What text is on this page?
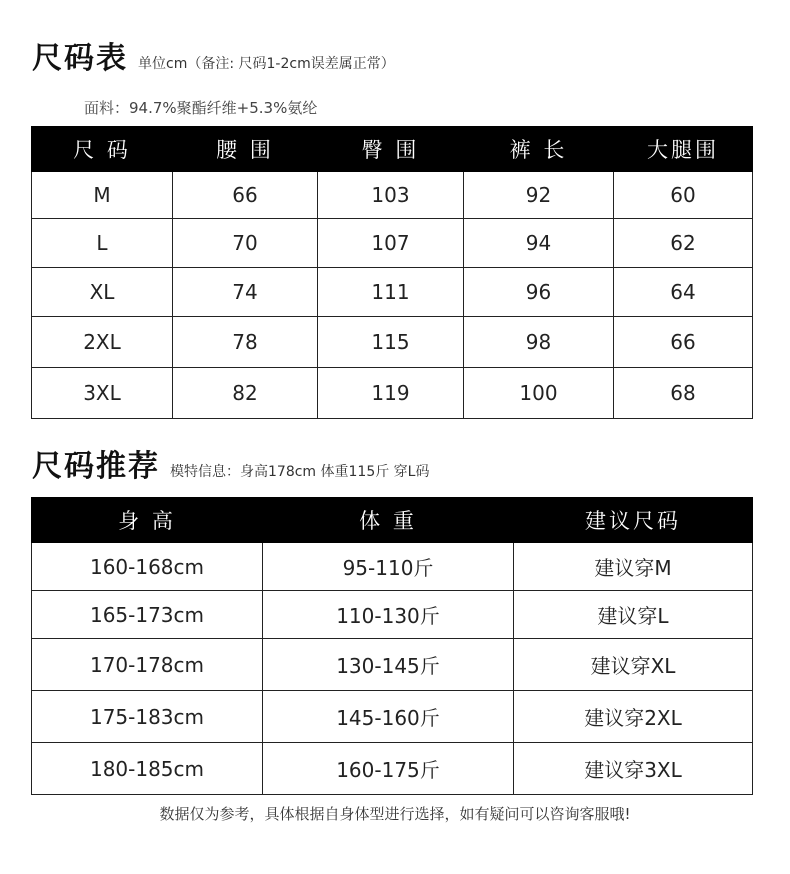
尺码表 单位cm（备注: 尺码1-2cm误差属正常）
面料：94.7%聚酯纤维+5.3%氨纶
尺 码	腰 围	臀 围	裤 长	大腿围
M	66	103	92	60
L	70	107	94	62
XL	74	111	96	64
2XL	78	115	98	66
3XL	82	119	100	68
尺码推荐 模特信息：身高178cm 体重115斤 穿L码
身 高	体 重	建议尺码
160-168cm	95-110斤	建议穿M
165-173cm	110-130斤	建议穿L
170-178cm	130-145斤	建议穿XL
175-183cm	145-160斤	建议穿2XL
180-185cm	160-175斤	建议穿3XL
数据仅为参考，具体根据自身体型进行选择，如有疑问可以咨询客服哦!
